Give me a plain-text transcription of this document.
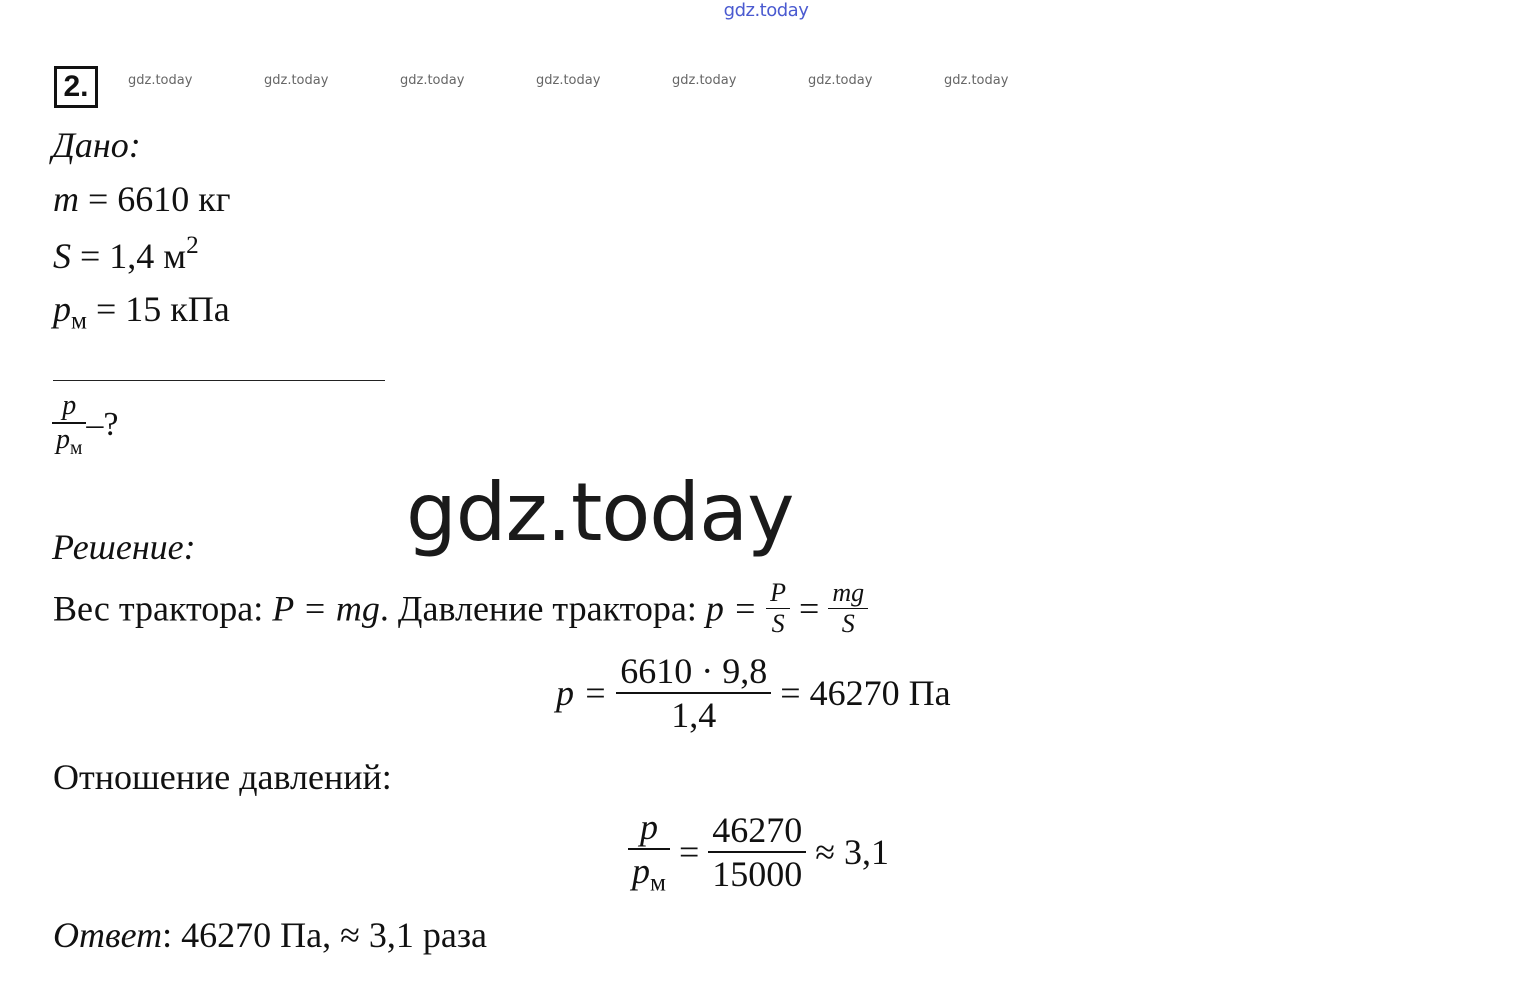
gdz.today
2.	gdz.today	gdz.today	gdz.today	gdz.today	gdz.today	gdz.today	gdz.today
Дано:
m = 6610 кг
S = 1,4 $м^2$
$p_м = 15$ кПа
$\frac{p}{p_м}$ –?
gdz.today
Решение:
Вес трактора: P = mg. Давление трактора: $p = \frac{P}{S} = \frac{mg}{S}$
$p = \frac{6610 \cdot 9,8}{1,4} = 46270$ Па
Отношение давлений:
$\frac{p}{p_м} = \frac{46270}{15000} \approx 3,1$
Ответ: 46270 Па, ≈ 3,1 раза
